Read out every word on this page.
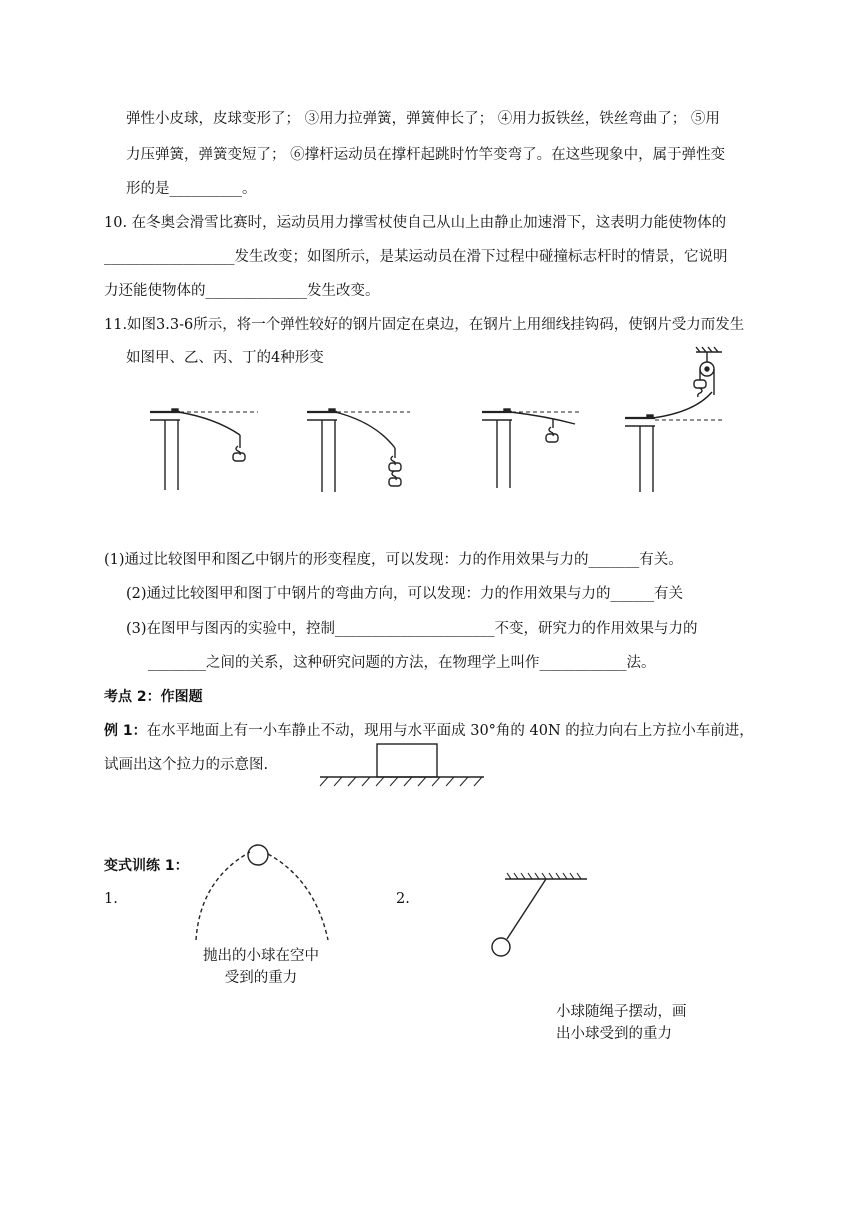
弹性小皮球，皮球变形了； ③用力拉弹簧，弹簧伸长了； ④用力扳铁丝，铁丝弯曲了； ⑤用
力压弹簧，弹簧变短了； ⑥撑杆运动员在撑杆起跳时竹竿变弯了。在这些现象中，属于弹性变
形的是__________。
10. 在冬奥会滑雪比赛时，运动员用力撑雪杖使自己从山上由静止加速滑下，这表明力能使物体的
__________________发生改变；如图所示，是某运动员在滑下过程中碰撞标志杆时的情景，它说明
力还能使物体的______________发生改变。
11.如图3.3-6所示，将一个弹性较好的钢片固定在桌边，在钢片上用细线挂钩码，使钢片受力而发生
如图甲、乙、丙、丁的4种形变
(1)通过比较图甲和图乙中钢片的形变程度，可以发现：力的作用效果与力的_______有关。
(2)通过比较图甲和图丁中钢片的弯曲方向，可以发现：力的作用效果与力的______有关
(3)在图甲与图丙的实验中，控制______________________不变，研究力的作用效果与力的
________之间的关系，这种研究问题的方法，在物理学上叫作____________法。
考点 2：作图题
例 1：在水平地面上有一小车静止不动，现用与水平面成 30°角的 40N 的拉力向右上方拉小车前进，
试画出这个拉力的示意图.
变式训练 1：
1.	2.
抛出的小球在空中
受到的重力
小球随绳子摆动，画
出小球受到的重力
